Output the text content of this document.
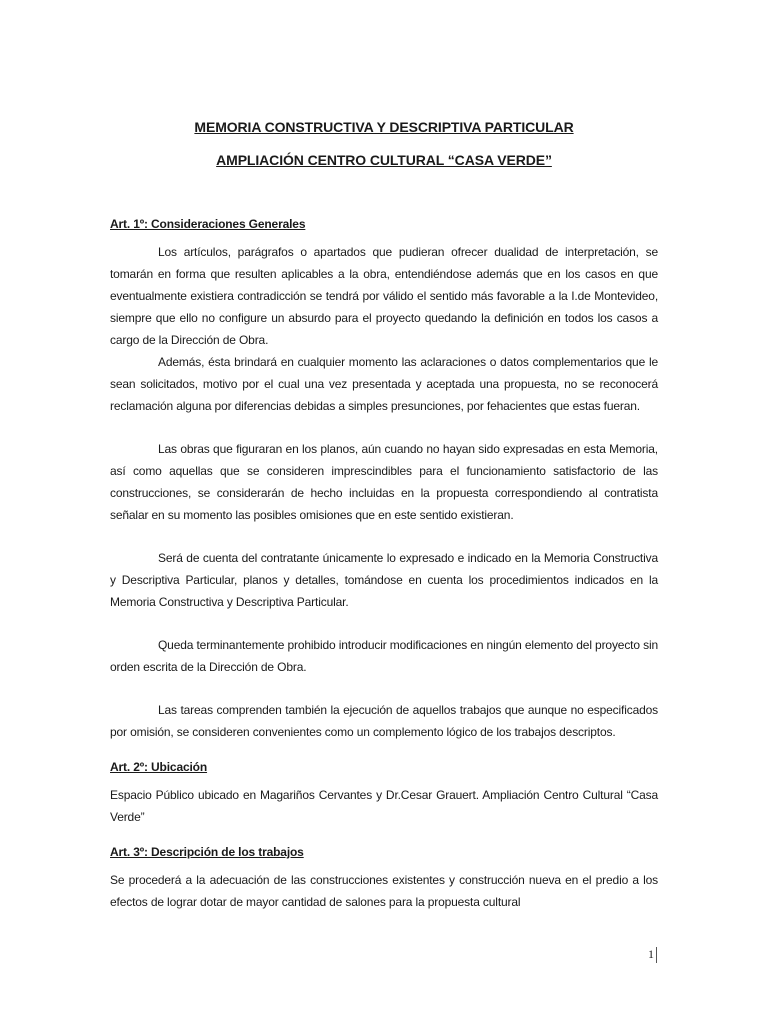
MEMORIA CONSTRUCTIVA Y DESCRIPTIVA PARTICULAR
AMPLIACIÓN CENTRO CULTURAL “CASA VERDE”

Art. 1º: Consideraciones Generales

Los artículos, parágrafos o apartados que pudieran ofrecer dualidad de interpretación, se tomarán en forma que resulten aplicables a la obra, entendiéndose además que en los casos en que eventualmente existiera contradicción se tendrá por válido el sentido más favorable a la I.de Montevideo, siempre que ello no configure un absurdo para el proyecto quedando la definición en todos los casos a cargo de la Dirección de Obra.

Además, ésta brindará en cualquier momento las aclaraciones o datos complementarios que le sean solicitados, motivo por el cual una vez presentada y aceptada una propuesta, no se reconocerá reclamación alguna por diferencias debidas a simples presunciones, por fehacientes que estas fueran.

Las obras que figuraran en los planos, aún cuando no hayan sido expresadas en esta Memoria, así como aquellas que se consideren imprescindibles para el funcionamiento satisfactorio de las construcciones, se considerarán de hecho incluidas en la propuesta correspondiendo al contratista señalar en su momento las posibles omisiones que en este sentido existieran.

Será de cuenta del contratante únicamente lo expresado e indicado en la Memoria Constructiva y Descriptiva Particular, planos y detalles, tomándose en cuenta los procedimientos indicados en la Memoria Constructiva y Descriptiva Particular.

Queda terminantemente prohibido introducir modificaciones en ningún elemento del proyecto sin orden escrita de la Dirección de Obra.

Las tareas comprenden también la ejecución de aquellos trabajos que aunque no especificados por omisión, se consideren convenientes como un complemento lógico de los trabajos descriptos.

Art. 2º: Ubicación

Espacio Público ubicado en Magariños Cervantes y Dr.Cesar Grauert. Ampliación Centro Cultural “Casa Verde”

Art. 3º: Descripción de los trabajos

Se procederá a la adecuación de las construcciones existentes y construcción nueva en el predio a los efectos de lograr dotar de mayor cantidad de salones para la propuesta cultural

1
